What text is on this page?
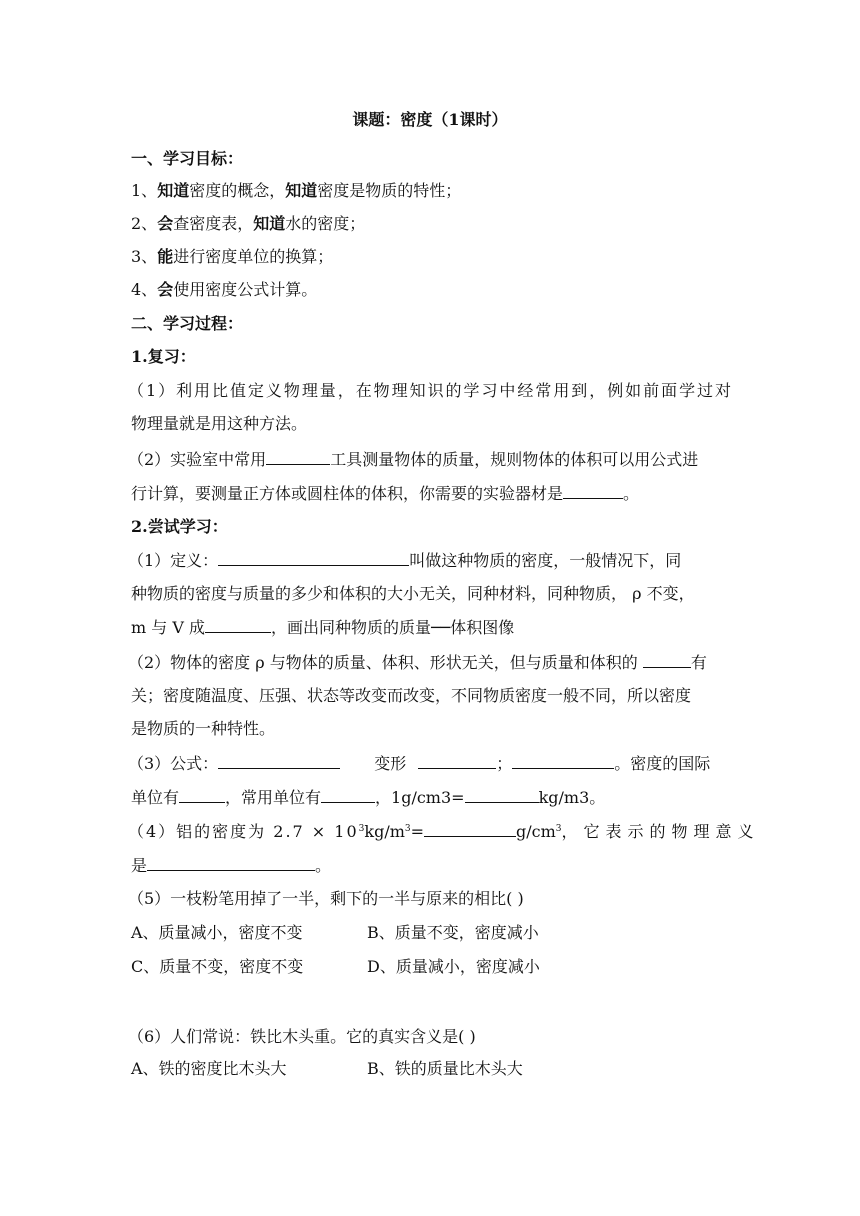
课题：密度（1课时）
一、学习目标：
1、知道密度的概念，知道密度是物质的特性；
2、会查密度表，知道水的密度；
3、能进行密度单位的换算；
4、会使用密度公式计算。
二、学习过程：
1.复习：
（1）利用比值定义物理量，在物理知识的学习中经常用到，例如前面学过对
物理量就是用这种方法。
（2）实验室中常用	工具测量物体的质量，规则物体的体积可以用公式进
行计算，要测量正方体或圆柱体的体积，你需要的实验器材是	。
2.尝试学习：
（1）定义：	叫做这种物质的密度，一般情况下，同
种物质的密度与质量的多少和体积的大小无关，同种材料，同种物质， ρ 不变，
m 与 V 成	，画出同种物质的质量──体积图像
（2）物体的密度 ρ 与物体的质量、体积、形状无关，但与质量和体积的	有
关；密度随温度、压强、状态等改变而改变，不同物质密度一般不同，所以密度
是物质的一种特性。
（3）公式：	变形	；	。密度的国际
单位有	，常用单位有	，1g/cm3=	kg/m3。
（4）铝的密度为 $2.7 \times 10^3kg/m^3=$	$g/cm^3$，它表示的物理意义
是	。
（5）一枝粉笔用掉了一半，剩下的一半与原来的相比( )
A、质量减小，密度不变	B、质量不变，密度减小
C、质量不变，密度不变	D、质量减小，密度减小
（6）人们常说：铁比木头重。它的真实含义是( )
A、铁的密度比木头大	B、铁的质量比木头大
